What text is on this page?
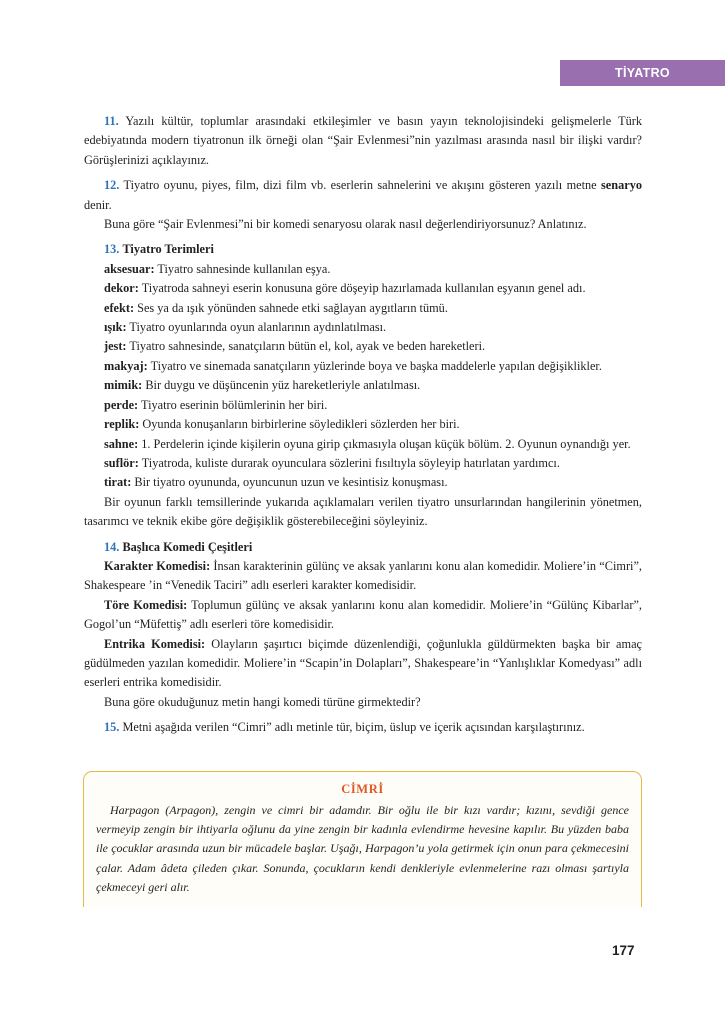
TİYATRO

11. Yazılı kültür, toplumlar arasındaki etkileşimler ve basın yayın teknolojisindeki gelişmelerle Türk edebiyatında modern tiyatronun ilk örneği olan “Şair Evlenmesi”nin yazılması arasında nasıl bir ilişki vardır? Görüşlerinizi açıklayınız.

12. Tiyatro oyunu, piyes, film, dizi film vb. eserlerin sahnelerini ve akışını gösteren yazılı metne senaryo denir.

Buna göre “Şair Evlenmesi”ni bir komedi senaryosu olarak nasıl değerlendiriyorsunuz? Anlatınız.

13. Tiyatro Terimleri

aksesuar: Tiyatro sahnesinde kullanılan eşya.

dekor: Tiyatroda sahneyi eserin konusuna göre döşeyip hazırlamada kullanılan eşyanın genel adı.

efekt: Ses ya da ışık yönünden sahnede etki sağlayan aygıtların tümü.

ışık: Tiyatro oyunlarında oyun alanlarının aydınlatılması.

jest: Tiyatro sahnesinde, sanatçıların bütün el, kol, ayak ve beden hareketleri.

makyaj: Tiyatro ve sinemada sanatçıların yüzlerinde boya ve başka maddelerle yapılan değişiklikler.

mimik: Bir duygu ve düşüncenin yüz hareketleriyle anlatılması.

perde: Tiyatro eserinin bölümlerinin her biri.

replik: Oyunda konuşanların birbirlerine söyledikleri sözlerden her biri.

sahne: 1. Perdelerin içinde kişilerin oyuna girip çıkmasıyla oluşan küçük bölüm. 2. Oyunun oynandığı yer.

suflör: Tiyatroda, kuliste durarak oyunculara sözlerini fısıltıyla söyleyip hatırlatan yardımcı.

tirat: Bir tiyatro oyununda, oyuncunun uzun ve kesintisiz konuşması.

Bir oyunun farklı temsillerinde yukarıda açıklamaları verilen tiyatro unsurlarından hangilerinin yönetmen, tasarımcı ve teknik ekibe göre değişiklik gösterebileceğini söyleyiniz.

14. Başlıca Komedi Çeşitleri

Karakter Komedisi: İnsan karakterinin gülünç ve aksak yanlarını konu alan komedidir. Moliere’in “Cimri”, Shakespeare ’in “Venedik Taciri” adlı eserleri karakter komedisidir.

Töre Komedisi: Toplumun gülünç ve aksak yanlarını konu alan komedidir. Moliere’in “Gülünç Kibarlar”, Gogol’un “Müfettiş” adlı eserleri töre komedisidir.

Entrika Komedisi: Olayların şaşırtıcı biçimde düzenlendiği, çoğunlukla güldürmekten başka bir amaç güdülmeden yazılan komedidir. Moliere’in “Scapin’in Dolapları”, Shakespeare’in “Yanlışlıklar Komedyası” adlı eserleri entrika komedisidir.

Buna göre okuduğunuz metin hangi komedi türüne girmektedir?

15. Metni aşağıda verilen “Cimri” adlı metinle tür, biçim, üslup ve içerik açısından karşılaştırınız.

CİMRİ

Harpagon (Arpagon), zengin ve cimri bir adamdır. Bir oğlu ile bir kızı vardır; kızını, sevdiği gence vermeyip zengin bir ihtiyarla oğlunu da yine zengin bir kadınla evlendirme hevesine kapılır. Bu yüzden baba ile çocuklar arasında uzun bir mücadele başlar. Uşağı, Harpagon’u yola getirmek için onun para çekmecesini çalar. Adam âdeta çileden çıkar. Sonunda, çocukların kendi denkleriyle evlenmelerine razı olması şartıyla çekmeceyi geri alır.

177
